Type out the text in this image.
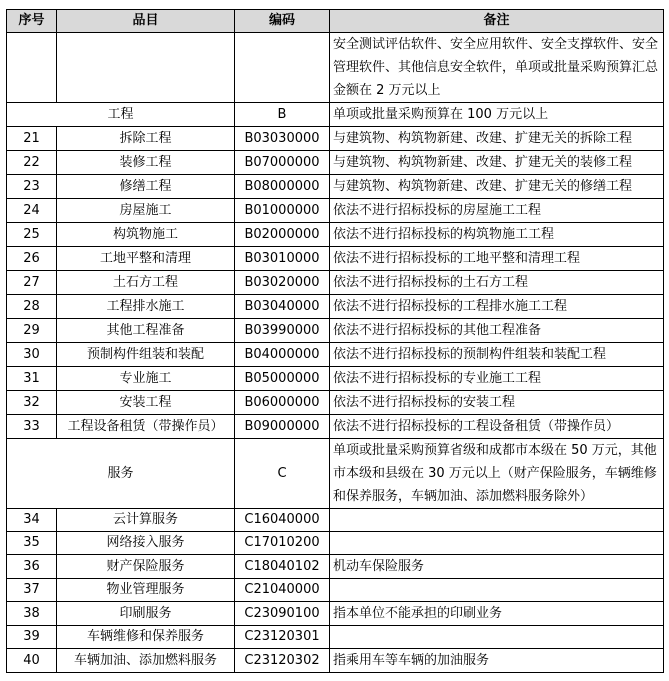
序号	品目	编码	备注
			安全测试评估软件、安全应用软件、安全支撑软件、安全管理软件、其他信息安全软件，单项或批量采购预算汇总金额在 2 万元以上
工程		B	单项或批量采购预算在 100 万元以上
21	拆除工程	B03030000	与建筑物、构筑物新建、改建、扩建无关的拆除工程
22	装修工程	B07000000	与建筑物、构筑物新建、改建、扩建无关的装修工程
23	修缮工程	B08000000	与建筑物、构筑物新建、改建、扩建无关的修缮工程
24	房屋施工	B01000000	依法不进行招标投标的房屋施工工程
25	构筑物施工	B02000000	依法不进行招标投标的构筑物施工工程
26	工地平整和清理	B03010000	依法不进行招标投标的工地平整和清理工程
27	土石方工程	B03020000	依法不进行招标投标的土石方工程
28	工程排水施工	B03040000	依法不进行招标投标的工程排水施工工程
29	其他工程准备	B03990000	依法不进行招标投标的其他工程准备
30	预制构件组装和装配	B04000000	依法不进行招标投标的预制构件组装和装配工程
31	专业施工	B05000000	依法不进行招标投标的专业施工工程
32	安装工程	B06000000	依法不进行招标投标的安装工程
33	工程设备租赁（带操作员）	B09000000	依法不进行招标投标的工程设备租赁（带操作员）
服务		C	单项或批量采购预算省级和成都市本级在 50 万元，其他市本级和县级在 30 万元以上（财产保险服务，车辆维修和保养服务，车辆加油、添加燃料服务除外）
34	云计算服务	C16040000	
35	网络接入服务	C17010200	
36	财产保险服务	C18040102	机动车保险服务
37	物业管理服务	C21040000	
38	印刷服务	C23090100	指本单位不能承担的印刷业务
39	车辆维修和保养服务	C23120301	
40	车辆加油、添加燃料服务	C23120302	指乘用车等车辆的加油服务
